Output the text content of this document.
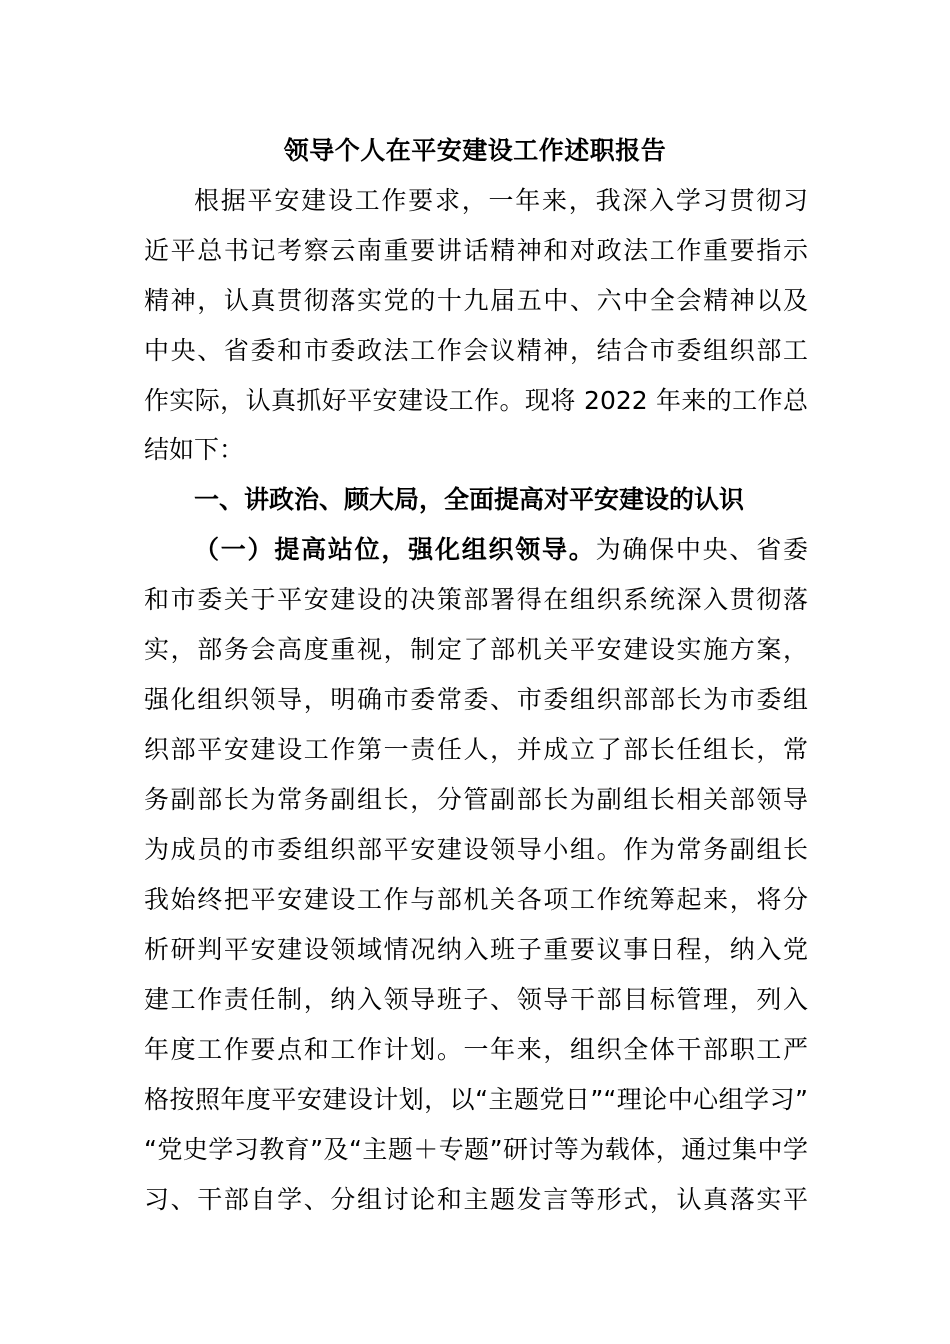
领导个人在平安建设工作述职报告
根据平安建设工作要求，一年来，我深入学习贯彻习
近平总书记考察云南重要讲话精神和对政法工作重要指示
精神，认真贯彻落实党的十九届五中、六中全会精神以及
中央、省委和市委政法工作会议精神，结合市委组织部工
作实际，认真抓好平安建设工作。现将 2022 年来的工作总
结如下：
一、讲政治、顾大局，全面提高对平安建设的认识
（一）提高站位，强化组织领导。为确保中央、省委
和市委关于平安建设的决策部署得在组织系统深入贯彻落
实，部务会高度重视，制定了部机关平安建设实施方案，
强化组织领导，明确市委常委、市委组织部部长为市委组
织部平安建设工作第一责任人，并成立了部长任组长，常
务副部长为常务副组长，分管副部长为副组长相关部领导
为成员的市委组织部平安建设领导小组。作为常务副组长
我始终把平安建设工作与部机关各项工作统筹起来，将分
析研判平安建设领域情况纳入班子重要议事日程，纳入党
建工作责任制，纳入领导班子、领导干部目标管理，列入
年度工作要点和工作计划。一年来，组织全体干部职工严
格按照年度平安建设计划，以“主题党日”“理论中心组学习”
“党史学习教育”及“主题＋专题”研讨等为载体，通过集中学
习、干部自学、分组讨论和主题发言等形式，认真落实平
